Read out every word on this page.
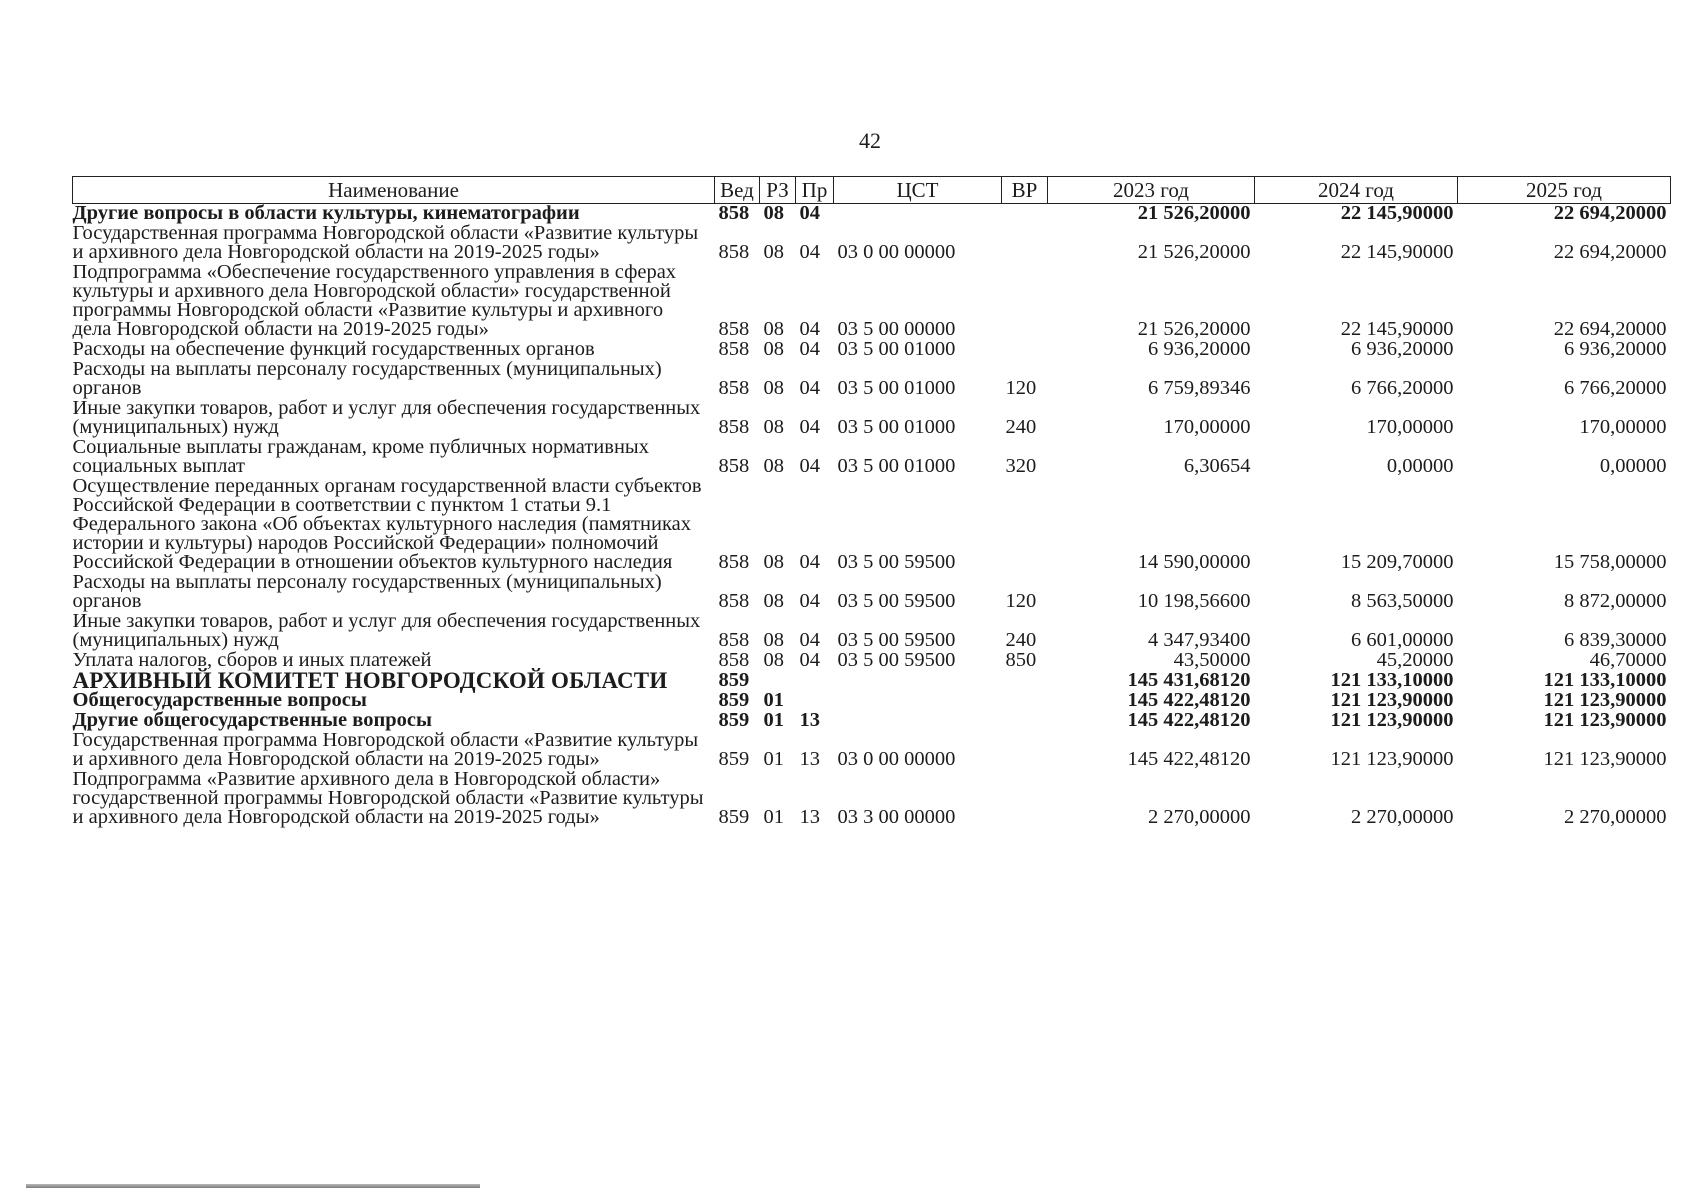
42
Наименование	Вед	РЗ	Пр	ЦСТ	ВР	2023 год	2024 год	2025 год
Другие вопросы в области культуры, кинематографии	858	08	04			21 526,20000	22 145,90000	22 694,20000
Государственная программа Новгородской области «Развитие культуры и архивного дела Новгородской области на 2019-2025 годы»	858	08	04	03 0 00 00000		21 526,20000	22 145,90000	22 694,20000
Подпрограмма «Обеспечение государственного управления в сферах культуры и архивного дела Новгородской области» государственной программы Новгородской области «Развитие культуры и архивного дела Новгородской области на 2019-2025 годы»	858	08	04	03 5 00 00000		21 526,20000	22 145,90000	22 694,20000
Расходы на обеспечение функций государственных органов	858	08	04	03 5 00 01000		6 936,20000	6 936,20000	6 936,20000
Расходы на выплаты персоналу государственных (муниципальных) органов	858	08	04	03 5 00 01000	120	6 759,89346	6 766,20000	6 766,20000
Иные закупки товаров, работ и услуг для обеспечения государственных (муниципальных) нужд	858	08	04	03 5 00 01000	240	170,00000	170,00000	170,00000
Социальные выплаты гражданам, кроме публичных нормативных социальных выплат	858	08	04	03 5 00 01000	320	6,30654	0,00000	0,00000
Осуществление переданных органам государственной власти субъектов Российской Федерации в соответствии с пунктом 1 статьи 9.1 Федерального закона «Об объектах культурного наследия (памятниках истории и культуры) народов Российской Федерации» полномочий Российской Федерации в отношении объектов культурного наследия	858	08	04	03 5 00 59500		14 590,00000	15 209,70000	15 758,00000
Расходы на выплаты персоналу государственных (муниципальных) органов	858	08	04	03 5 00 59500	120	10 198,56600	8 563,50000	8 872,00000
Иные закупки товаров, работ и услуг для обеспечения государственных (муниципальных) нужд	858	08	04	03 5 00 59500	240	4 347,93400	6 601,00000	6 839,30000
Уплата налогов, сборов и иных платежей	858	08	04	03 5 00 59500	850	43,50000	45,20000	46,70000
АРХИВНЫЙ КОМИТЕТ НОВГОРОДСКОЙ ОБЛАСТИ	859					145 431,68120	121 133,10000	121 133,10000
Общегосударственные вопросы	859	01				145 422,48120	121 123,90000	121 123,90000
Другие общегосударственные вопросы	859	01	13			145 422,48120	121 123,90000	121 123,90000
Государственная программа Новгородской области «Развитие культуры и архивного дела Новгородской области на 2019-2025 годы»	859	01	13	03 0 00 00000		145 422,48120	121 123,90000	121 123,90000
Подпрограмма «Развитие архивного дела в Новгородской области» государственной программы Новгородской области «Развитие культуры и архивного дела Новгородской области на 2019-2025 годы»	859	01	13	03 3 00 00000		2 270,00000	2 270,00000	2 270,00000
